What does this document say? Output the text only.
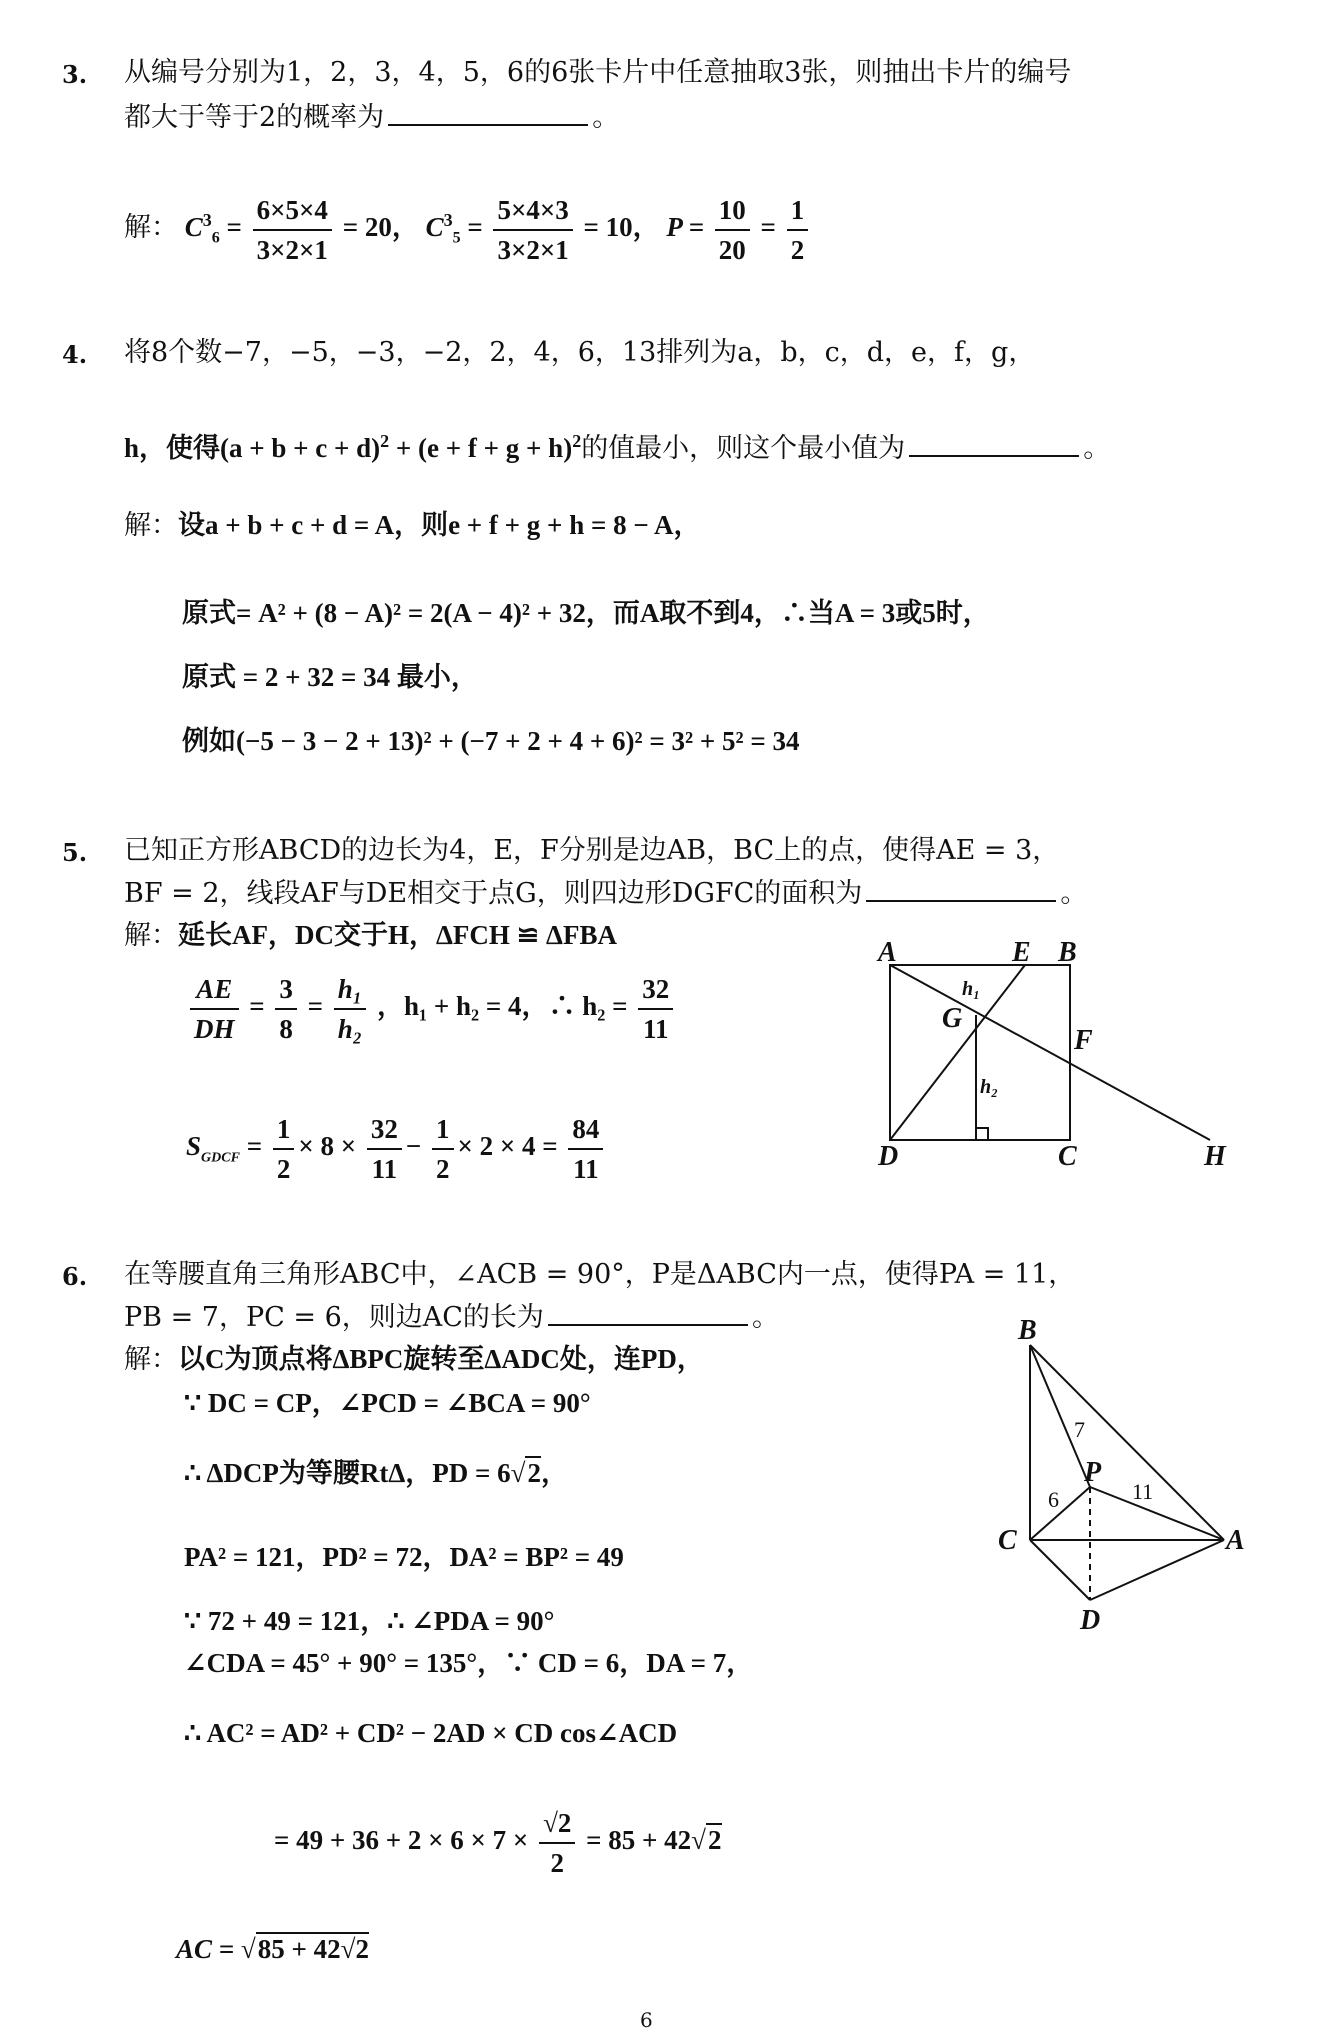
3. 从编号分别为1，2，3，4，5，6的6张卡片中任意抽取3张，则抽出卡片的编号
都大于等于2的概率为	。
解： $C^3_6 = \frac{6\times 5\times 4}{3\times 2\times 1} = 20$， $C^3_5 = \frac{5\times 4\times 3}{3\times 2\times 1} = 10$， $P = \frac{10}{20} = \frac{1}{2}$
4. 将8个数−7，−5，−3，−2，2，4，6，13排列为a，b，c，d，e，f，g，
h，使得$(a + b + c + d)^2 + (e + f + g + h)^2$的值最小，则这个最小值为	。
解：设a + b + c + d = A，则e + f + g + h = 8 − A，
原式= A² + (8 − A)² = 2(A − 4)² + 32，而A取不到4，∴当A = 3或5时，
原式 = 2 + 32 = 34 最小，
例如(−5 − 3 − 2 + 13)² + (−7 + 2 + 4 + 6)² = 3² + 5² = 34
5. 已知正方形ABCD的边长为4，E，F分别是边AB，BC上的点，使得AE = 3，
BF = 2，线段AF与DE相交于点G，则四边形DGFC的面积为	。
解：延长AF，DC交于H，ΔFCH ≌ ΔFBA
$\frac{AE}{DH} = \frac{3}{8} = \frac{\text{h₁}}{\text{h₂}}$ ，h₁ + h₂ = 4，∴ $h_2 = \frac{32}{11}$
$S_{GDCF} = \frac{1}{2} \times 8 \times \frac{32}{11} - \frac{1}{2} \times 2 \times 4 = \frac{84}{11}$
A	E B
G
F
D	C	H
h₁
h₂
6. 在等腰直角三角形ABC中，∠ACB = 90°，P是ΔABC内一点，使得PA = 11，
PB = 7，PC = 6，则边AC的长为	。
解：以C为顶点将ΔBPC旋转至ΔADC处，连PD，
∵ DC = CP，∠PCD = ∠BCA = 90°
∴ ΔDCP为等腰RtΔ，PD = 6√2，
PA² = 121，PD² = 72，DA² = BP² = 49
∵ 72 + 49 = 121，∴ ∠PDA = 90°
∠CDA = 45° + 90° = 135°，∵ CD = 6，DA = 7，
∴ AC² = AD² + CD² − 2AD × CD cos∠ACD
= $49 + 36 + 2 \times 6 \times 7 \times \frac{√2}{2} = 85 + 42√2$
AC = √85 + 42√2
B
P
C	A
D
7
6	11
6
